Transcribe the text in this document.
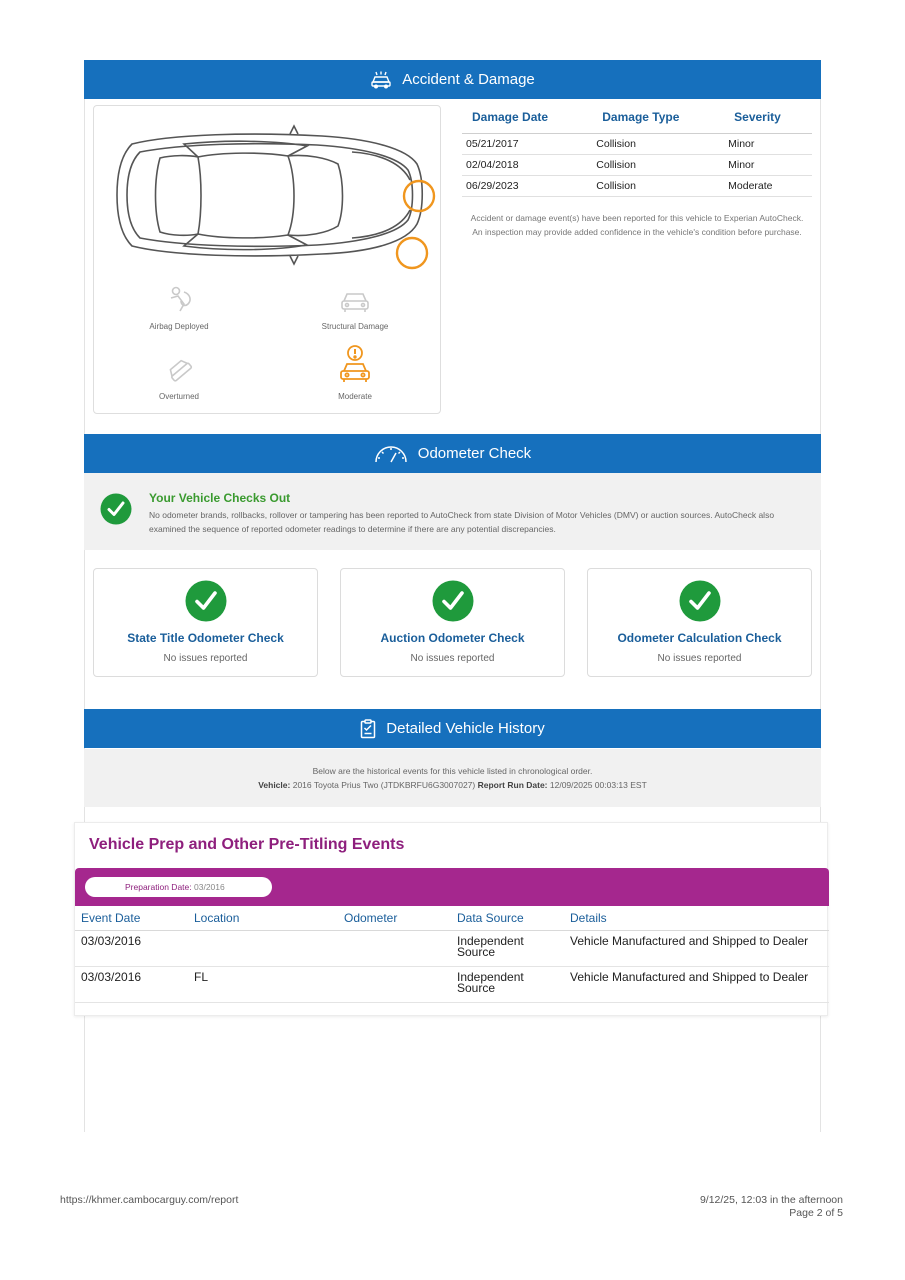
Accident & Damage
Airbag Deployed	Structural Damage
Overturned	Moderate
Damage Date	Damage Type	Severity
05/21/2017	Collision	Minor
02/04/2018	Collision	Minor
06/29/2023	Collision	Moderate
Accident or damage event(s) have been reported for this vehicle to Experian AutoCheck. An inspection may provide added confidence in the vehicle's condition before purchase.
Odometer Check
Your Vehicle Checks Out
No odometer brands, rollbacks, rollover or tampering has been reported to AutoCheck from state Division of Motor Vehicles (DMV) or auction sources. AutoCheck also examined the sequence of reported odometer readings to determine if there are any potential discrepancies.
State Title Odometer Check
No issues reported
Auction Odometer Check
No issues reported
Odometer Calculation Check
No issues reported
Detailed Vehicle History
Below are the historical events for this vehicle listed in chronological order.
Vehicle: 2016 Toyota Prius Two (JTDKBRFU6G3007027) Report Run Date: 12/09/2025 00:03:13 EST
Vehicle Prep and Other Pre-Titling Events
Preparation Date: 03/2016
Event Date	Location	Odometer	Data Source	Details
03/03/2016			Independent Source	Vehicle Manufactured and Shipped to Dealer
03/03/2016	FL		Independent Source	Vehicle Manufactured and Shipped to Dealer
https://khmer.cambocarguy.com/report	9/12/25, 12:03 in the afternoon
Page 2 of 5
